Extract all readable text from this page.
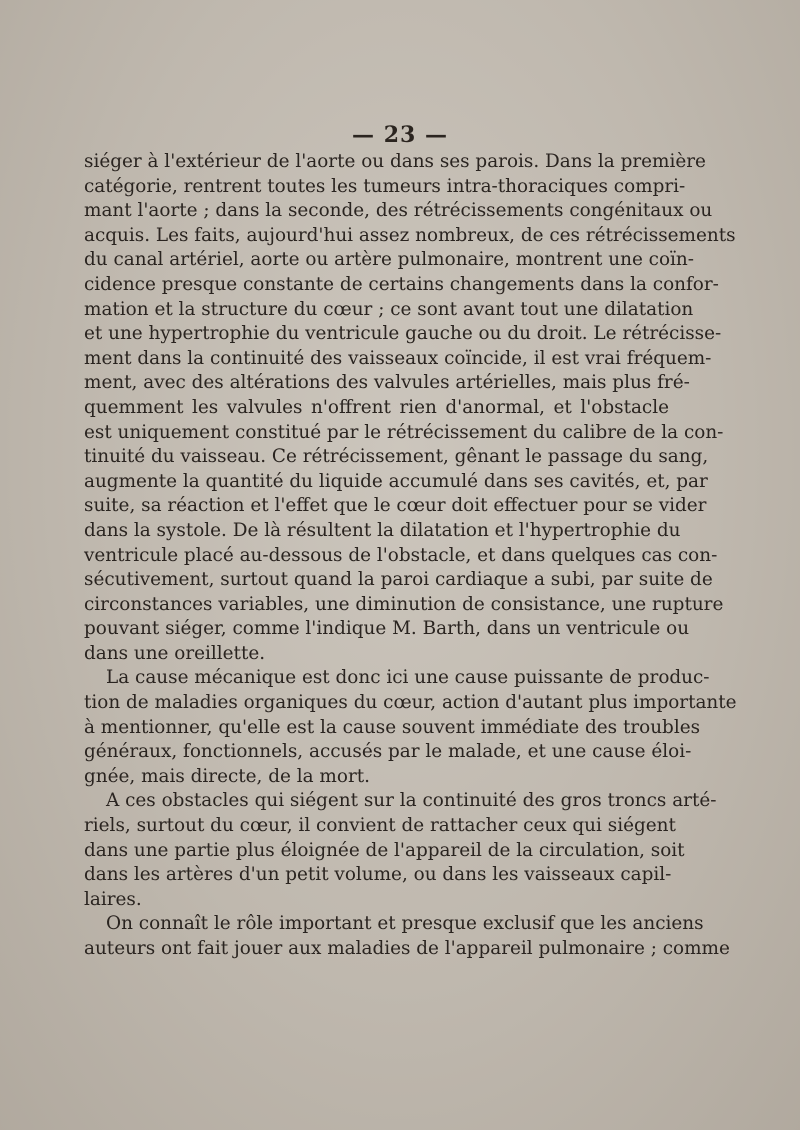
— 23 —
siéger à l'extérieur de l'aorte ou dans ses parois. Dans la première
catégorie, rentrent toutes les tumeurs intra-thoraciques compri-
mant l'aorte ; dans la seconde, des rétrécissements congénitaux ou
acquis. Les faits, aujourd'hui assez nombreux, de ces rétrécissements
du canal artériel, aorte ou artère pulmonaire, montrent une coïn-
cidence presque constante de certains changements dans la confor-
mation et la structure du cœur ; ce sont avant tout une dilatation
et une hypertrophie du ventricule gauche ou du droit. Le rétrécisse-
ment dans la continuité des vaisseaux coïncide, il est vrai fréquem-
ment, avec des altérations des valvules artérielles, mais plus fré-
quemment les valvules n'offrent rien d'anormal, et l'obstacle
est uniquement constitué par le rétrécissement du calibre de la con-
tinuité du vaisseau. Ce rétrécissement, gênant le passage du sang,
augmente la quantité du liquide accumulé dans ses cavités, et, par
suite, sa réaction et l'effet que le cœur doit effectuer pour se vider
dans la systole. De là résultent la dilatation et l'hypertrophie du
ventricule placé au-dessous de l'obstacle, et dans quelques cas con-
sécutivement, surtout quand la paroi cardiaque a subi, par suite de
circonstances variables, une diminution de consistance, une rupture
pouvant siéger, comme l'indique M. Barth, dans un ventricule ou
dans une oreillette.
La cause mécanique est donc ici une cause puissante de produc-
tion de maladies organiques du cœur, action d'autant plus importante
à mentionner, qu'elle est la cause souvent immédiate des troubles
généraux, fonctionnels, accusés par le malade, et une cause éloi-
gnée, mais directe, de la mort.
A ces obstacles qui siégent sur la continuité des gros troncs arté-
riels, surtout du cœur, il convient de rattacher ceux qui siégent
dans une partie plus éloignée de l'appareil de la circulation, soit
dans les artères d'un petit volume, ou dans les vaisseaux capil-
laires.
On connaît le rôle important et presque exclusif que les anciens
auteurs ont fait jouer aux maladies de l'appareil pulmonaire ; comme
